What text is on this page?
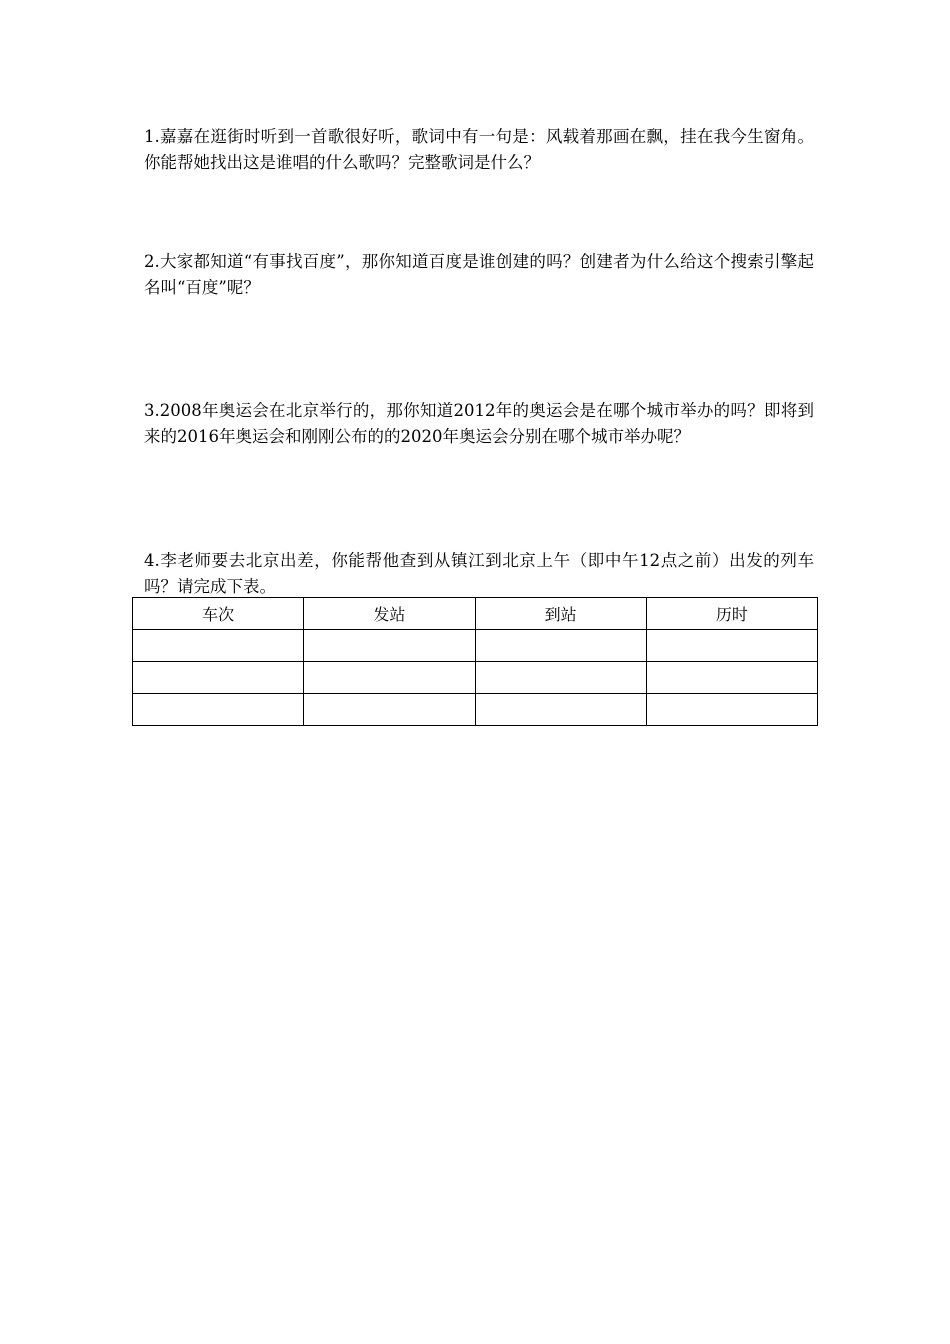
1.嘉嘉在逛街时听到一首歌很好听，歌词中有一句是：风载着那画在飘，挂在我今生窗角。你能帮她找出这是谁唱的什么歌吗？完整歌词是什么？

2.大家都知道“有事找百度”，那你知道百度是谁创建的吗？创建者为什么给这个搜索引擎起名叫“百度”呢？

3.2008年奥运会在北京举行的，那你知道2012年的奥运会是在哪个城市举办的吗？即将到来的2016年奥运会和刚刚公布的的2020年奥运会分别在哪个城市举办呢？

4.李老师要去北京出差，你能帮他查到从镇江到北京上午（即中午12点之前）出发的列车吗？请完成下表。

车次	发站	到站	历时
